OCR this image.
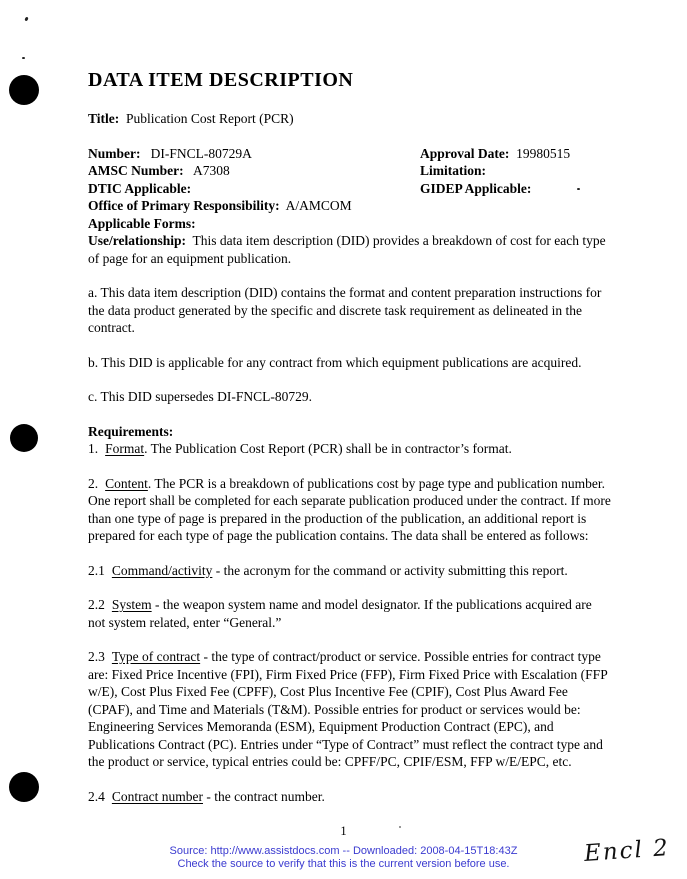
DATA ITEM DESCRIPTION

Title: Publication Cost Report (PCR)

Number: DI-FNCL-80729A
AMSC Number: A7308
DTIC Applicable:
Office of Primary Responsibility: A/AMCOM
Applicable Forms:
Approval Date: 19980515
Limitation:
GIDEP Applicable:

Use/relationship: This data item description (DID) provides a breakdown of cost for each type of page for an equipment publication.

a. This data item description (DID) contains the format and content preparation instructions for the data product generated by the specific and discrete task requirement as delineated in the contract.

b. This DID is applicable for any contract from which equipment publications are acquired.

c. This DID supersedes DI-FNCL-80729.

Requirements:

1. Format. The Publication Cost Report (PCR) shall be in contractor’s format.

2. Content. The PCR is a breakdown of publications cost by page type and publication number. One report shall be completed for each separate publication produced under the contract. If more than one type of page is prepared in the production of the publication, an additional report is prepared for each type of page the publication contains. The data shall be entered as follows:

2.1 Command/activity - the acronym for the command or activity submitting this report.

2.2 System - the weapon system name and model designator. If the publications acquired are not system related, enter “General.”

2.3 Type of contract - the type of contract/product or service. Possible entries for contract type are: Fixed Price Incentive (FPI), Firm Fixed Price (FFP), Firm Fixed Price with Escalation (FFP w/E), Cost Plus Fixed Fee (CPFF), Cost Plus Incentive Fee (CPIF), Cost Plus Award Fee (CPAF), and Time and Materials (T&M). Possible entries for product or services would be: Engineering Services Memoranda (ESM), Equipment Production Contract (EPC), and Publications Contract (PC). Entries under “Type of Contract” must reflect the contract type and the product or service, typical entries could be: CPFF/PC, CPIF/ESM, FFP w/E/EPC, etc.

2.4 Contract number - the contract number.

1
Source: http://www.assistdocs.com -- Downloaded: 2008-04-15T18:43Z
Check the source to verify that this is the current version before use.	Encl 2
